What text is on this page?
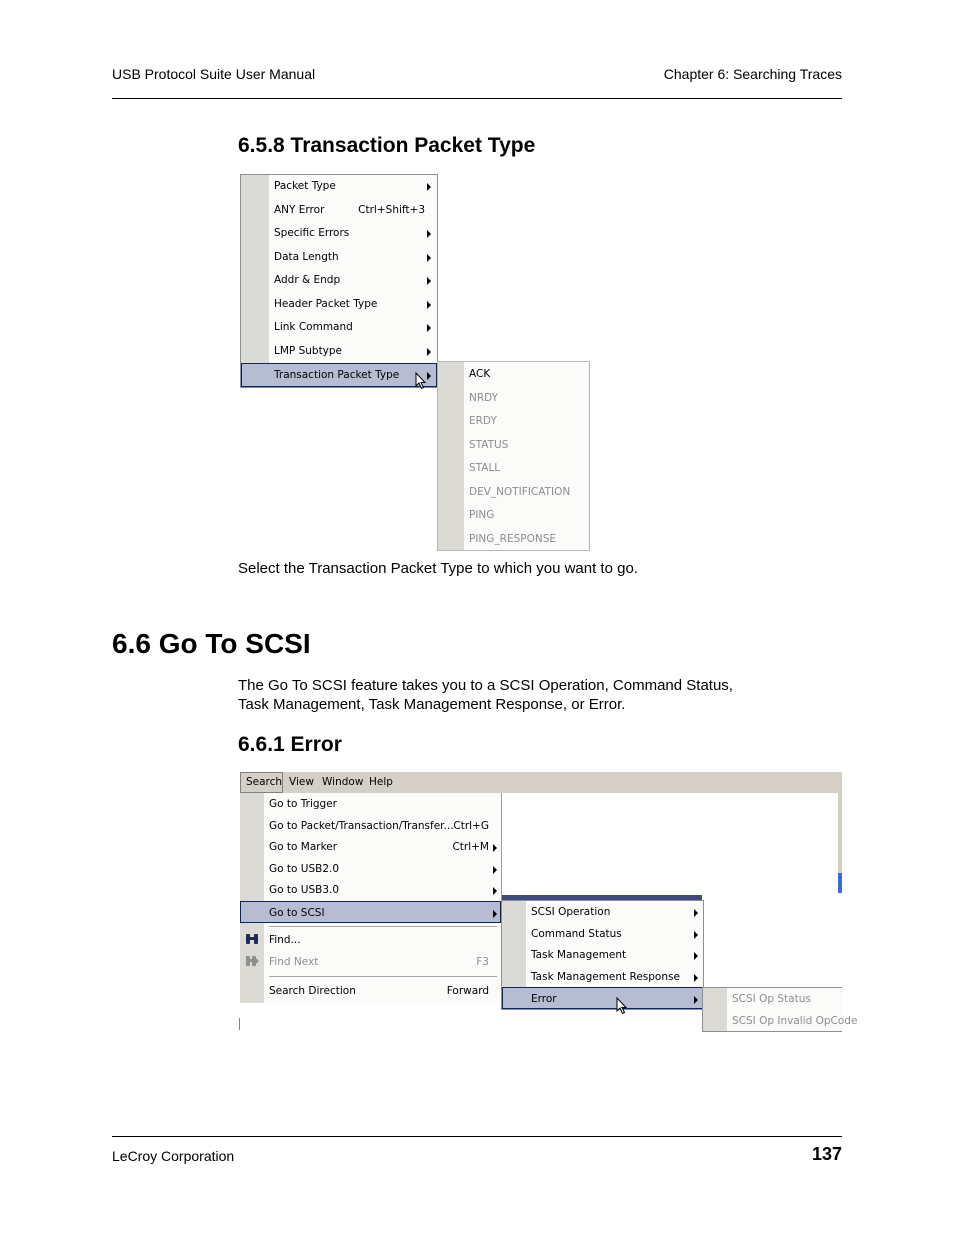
USB Protocol Suite User Manual	Chapter 6: Searching Traces
6.5.8 Transaction Packet Type
Packet Type
ANY Error	Ctrl+Shift+3
Specific Errors
Data Length
Addr & Endp
Header Packet Type
Link Command
LMP Subtype
Transaction Packet Type	ACK
NRDY
ERDY
STATUS
STALL
DEV_NOTIFICATION
PING
PING_RESPONSE
Select the Transaction Packet Type to which you want to go.
6.6 Go To SCSI
The Go To SCSI feature takes you to a SCSI Operation, Command Status,
Task Management, Task Management Response, or Error.
6.6.1 Error
Search View Window Help
Go to Trigger
Go to Packet/Transaction/Transfer... Ctrl+G
Go to Marker	Ctrl+M
Go to USB2.0
Go to USB3.0
Go to SCSI
Find...
Find Next	F3
Search Direction	Forward
SCSI Operation
Command Status
Task Management
Task Management Response
Error	SCSI Op Status
SCSI Op Invalid OpCode
LeCroy Corporation	137
